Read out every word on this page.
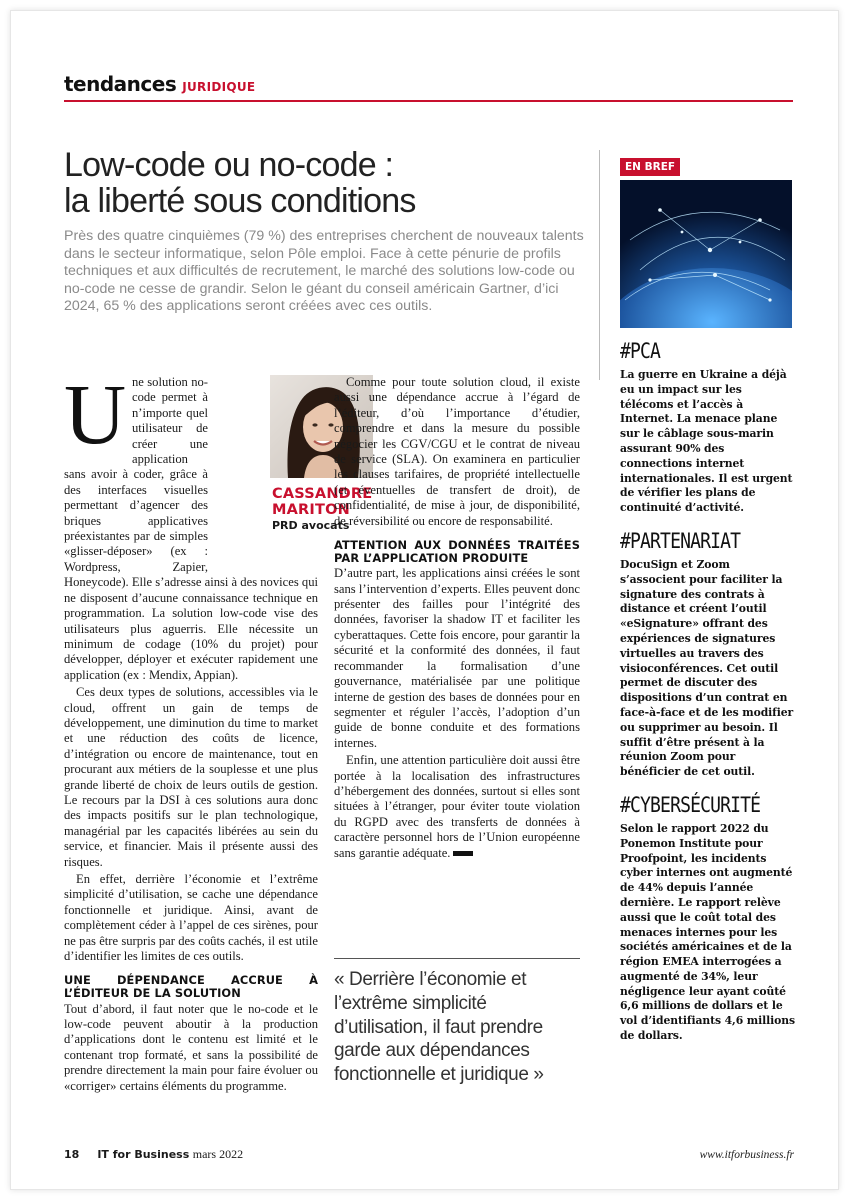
tendances JURIDIQUE
Low-code ou no-code :
la liberté sous conditions

Près des quatre cinquièmes (79 %) des entreprises cherchent de nouveaux talents dans le secteur informatique, selon Pôle emploi. Face à cette pénurie de profils techniques et aux difficultés de recrutement, le marché des solutions low-code ou no-code ne cesse de grandir. Selon le géant du conseil américain Gartner, d’ici 2024, 65 % des applications seront créées avec ces outils.

CASSANDRE
MARITON
PRD avocats
U ne solution no-code permet à n’importe quel utilisateur de créer une application sans avoir à coder, grâce à des interfaces visuelles permettant d’agencer des briques applicatives préexistantes par de simples «glisser-déposer» (ex : Wordpress, Zapier, Honeycode). Elle s’adresse ainsi à des novices qui ne disposent d’aucune connaissance technique en programmation. La solution low-code vise des utilisateurs plus aguerris. Elle nécessite un minimum de codage (10% du projet) pour développer, déployer et exécuter rapidement une application (ex : Mendix, Appian).

Ces deux types de solutions, accessibles via le cloud, offrent un gain de temps de développement, une diminution du time to market et une réduction des coûts de licence, d’intégration ou encore de maintenance, tout en procurant aux métiers de la souplesse et une plus grande liberté de choix de leurs outils de gestion. Le recours par la DSI à ces solutions aura donc des impacts positifs sur le plan technologique, managérial par les capacités libérées au sein du service, et financier. Mais il présente aussi des risques.

En effet, derrière l’économie et l’extrême simplicité d’utilisation, se cache une dépendance fonctionnelle et juridique. Ainsi, avant de complètement céder à l’appel de ces sirènes, pour ne pas être surpris par des coûts cachés, il est utile d’identifier les limites de ces outils.

UNE DÉPENDANCE ACCRUE À L’ÉDITEUR DE LA SOLUTION

Tout d’abord, il faut noter que le no-code et le low-code peuvent aboutir à la production d’applications dont le contenu est limité et le contenant trop formaté, et sans la possibilité de prendre directement la main pour faire évoluer ou «corriger» certains éléments du programme.

Comme pour toute solution cloud, il existe aussi une dépendance accrue à l’égard de l’éditeur, d’où l’importance d’étudier, comprendre et dans la mesure du possible négocier les CGV/CGU et le contrat de niveau de service (SLA). On examinera en particulier les clauses tarifaires, de propriété intellectuelle (et éventuelles de transfert de droit), de confidentialité, de mise à jour, de disponibilité, de réversibilité ou encore de responsabilité.

ATTENTION AUX DONNÉES TRAITÉES PAR L’APPLICATION PRODUITE

D’autre part, les applications ainsi créées le sont sans l’intervention d’experts. Elles peuvent donc présenter des failles pour l’intégrité des données, favoriser la shadow IT et faciliter les cyberattaques. Cette fois encore, pour garantir la sécurité et la conformité des données, il faut recommander la formalisation d’une gouvernance, matérialisée par une politique interne de gestion des bases de données pour en segmenter et réguler l’accès, l’adoption d’un guide de bonne conduite et des formations internes.

Enfin, une attention particulière doit aussi être portée à la localisation des infrastructures d’hébergement des données, surtout si elles sont situées à l’étranger, pour éviter toute violation du RGPD avec des transferts de données à caractère personnel hors de l’Union européenne sans garantie adéquate.

« Derrière l’économie et l’extrême simplicité d’utilisation, il faut prendre garde aux dépendances fonctionnelle et juridique »

EN BREF
#PCA

La guerre en Ukraine a déjà eu un impact sur les télécoms et l’accès à Internet. La menace plane sur le câblage sous-marin assurant 90% des connections internet internationales. Il est urgent de vérifier les plans de continuité d’activité.

#PARTENARIAT

DocuSign et Zoom s’associent pour faciliter la signature des contrats à distance et créent l’outil «eSignature» offrant des expériences de signatures virtuelles au travers des visioconférences. Cet outil permet de discuter des dispositions d’un contrat en face-à-face et de les modifier ou supprimer au besoin. Il suffit d’être présent à la réunion Zoom pour bénéficier de cet outil.

#CYBERSÉCURITÉ

Selon le rapport 2022 du Ponemon Institute pour Proofpoint, les incidents cyber internes ont augmenté de 44% depuis l’année dernière. Le rapport relève aussi que le coût total des menaces internes pour les sociétés américaines et de la région EMEA interrogées a augmenté de 34%, leur négligence leur ayant coûté 6,6 millions de dollars et le vol d’identifiants 4,6 millions de dollars.

18 IT for Business mars 2022	www.itforbusiness.fr
